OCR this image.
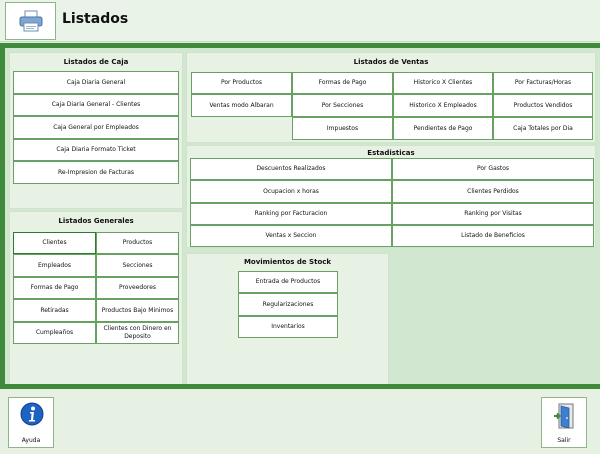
Listados
Listados de Caja
Caja Diaria General
Caja Diaria General - Clientes
Caja General por Empleados
Caja Diaria Formato Ticket
Re-Impresion de Facturas
Listados Generales
Clientes	Productos
Empleados	Secciones
Formas de Pago	Proveedores
Retiradas	Productos Bajo Minimos
Cumpleaños
Clientes con Dinero en Deposito
Listados de Ventas
Por Productos	Formas de Pago	Historico X Clientes	Por Facturas/Horas
Ventas modo Albaran	Por Secciones	Historico X Empleados	Productos Vendidos
Impuestos	Pendientes de Pago	Caja Totales por Dia
Estadisticas
Descuentos Realizados	Por Gastos
Ocupacion x horas	Clientes Perdidos
Ranking por Facturacion	Ranking por Visitas
Ventas x Seccion	Listado de Beneficios
Movimientos de Stock
Entrada de Productos
Regularizaciones
Inventarios
Ayuda	Salir
